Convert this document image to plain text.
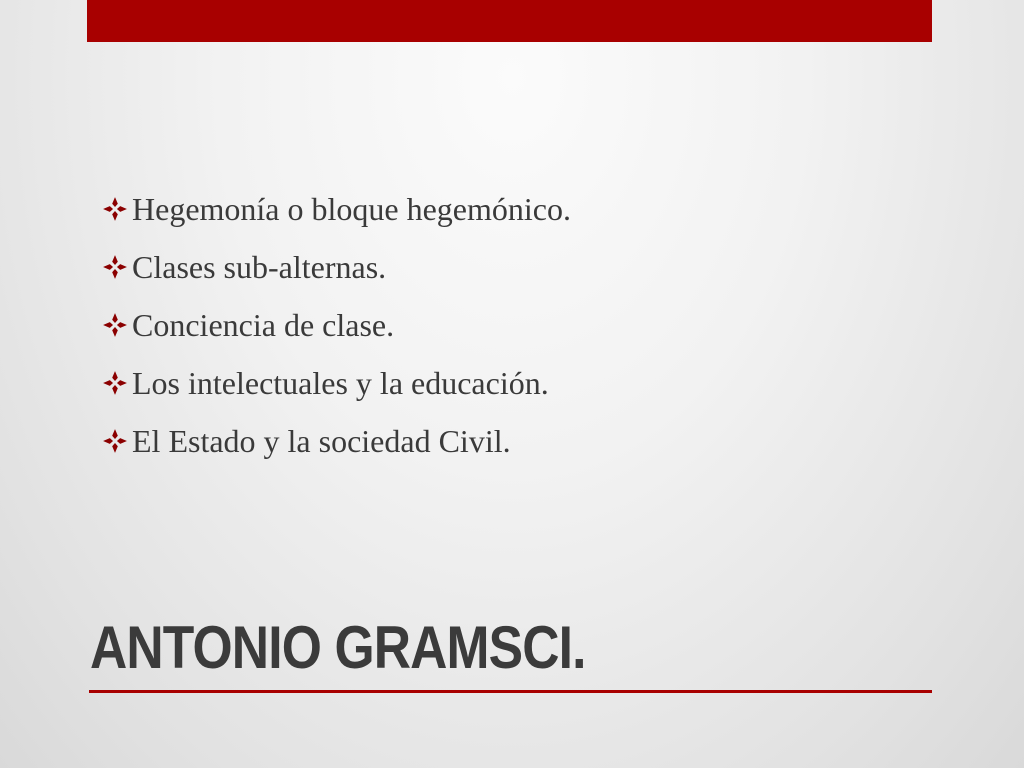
Hegemonía o bloque hegemónico.
Clases sub-alternas.
Conciencia de clase.
Los intelectuales y la educación.
El Estado y la sociedad Civil.
ANTONIO GRAMSCI.
